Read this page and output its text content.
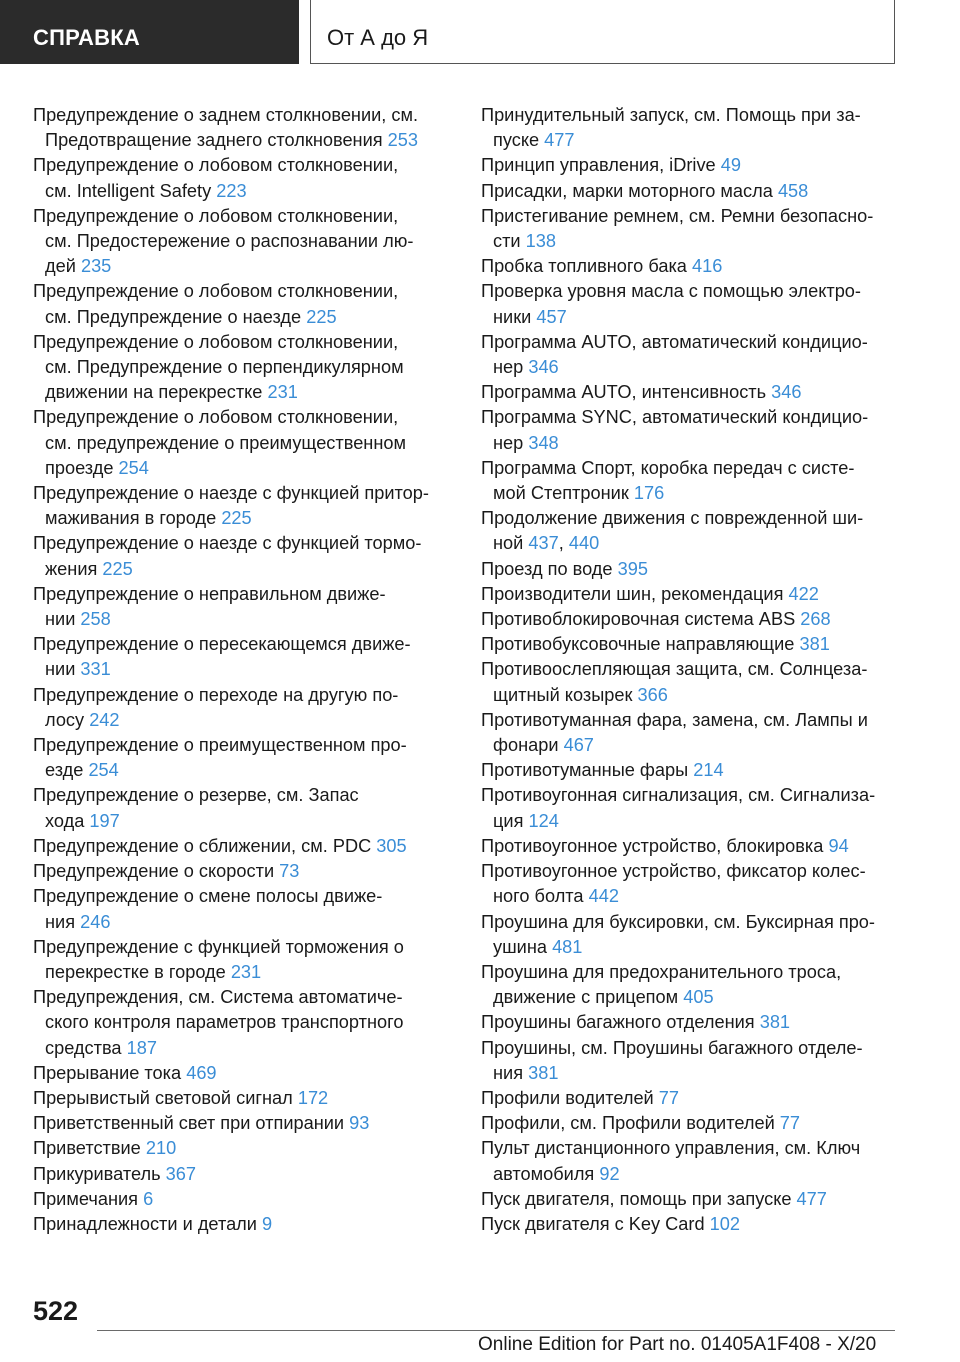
СПРАВКА	От А до Я
Предупреждение о заднем столкновении, см.
Предотвращение заднего столкновения 253
Предупреждение о лобовом столкновении,
см. Intelligent Safety 223
Предупреждение о лобовом столкновении,
см. Предостережение о распознавании лю-
дей 235
Предупреждение о лобовом столкновении,
см. Предупреждение о наезде 225
Предупреждение о лобовом столкновении,
см. Предупреждение о перпендикулярном
движении на перекрестке 231
Предупреждение о лобовом столкновении,
см. предупреждение о преимущественном
проезде 254
Предупреждение о наезде с функцией притор-
маживания в городе 225
Предупреждение о наезде с функцией тормо-
жения 225
Предупреждение о неправильном движе-
нии 258
Предупреждение о пересекающемся движе-
нии 331
Предупреждение о переходе на другую по-
лосу 242
Предупреждение о преимущественном про-
езде 254
Предупреждение о резерве, см. Запас
хода 197
Предупреждение о сближении, см. PDC 305
Предупреждение о скорости 73
Предупреждение о смене полосы движе-
ния 246
Предупреждение с функцией торможения о
перекрестке в городе 231
Предупреждения, см. Система автоматиче-
ского контроля параметров транспортного
средства 187
Прерывание тока 469
Прерывистый световой сигнал 172
Приветственный свет при отпирании 93
Приветствие 210
Прикуриватель 367
Примечания 6
Принадлежности и детали 9
Принудительный запуск, см. Помощь при за-
пуске 477
Принцип управления, iDrive 49
Присадки, марки моторного масла 458
Пристегивание ремнем, см. Ремни безопасно-
сти 138
Пробка топливного бака 416
Проверка уровня масла с помощью электро-
ники 457
Программа AUTO, автоматический кондицио-
нер 346
Программа AUTO, интенсивность 346
Программа SYNC, автоматический кондицио-
нер 348
Программа Спорт, коробка передач с систе-
мой Стептроник 176
Продолжение движения с поврежденной ши-
ной 437, 440
Проезд по воде 395
Производители шин, рекомендация 422
Противоблокировочная система ABS 268
Противобуксовочные направляющие 381
Противоослепляющая защита, см. Солнцеза-
щитный козырек 366
Противотуманная фара, замена, см. Лампы и
фонари 467
Противотуманные фары 214
Противоугонная сигнализация, см. Сигнализа-
ция 124
Противоугонное устройство, блокировка 94
Противоугонное устройство, фиксатор колес-
ного болта 442
Проушина для буксировки, см. Буксирная про-
ушина 481
Проушина для предохранительного троса,
движение с прицепом 405
Проушины багажного отделения 381
Проушины, см. Проушины багажного отделе-
ния 381
Профили водителей 77
Профили, см. Профили водителей 77
Пульт дистанционного управления, см. Ключ
автомобиля 92
Пуск двигателя, помощь при запуске 477
Пуск двигателя с Key Card 102
522
Online Edition for Part no. 01405A1F408 - X/20
